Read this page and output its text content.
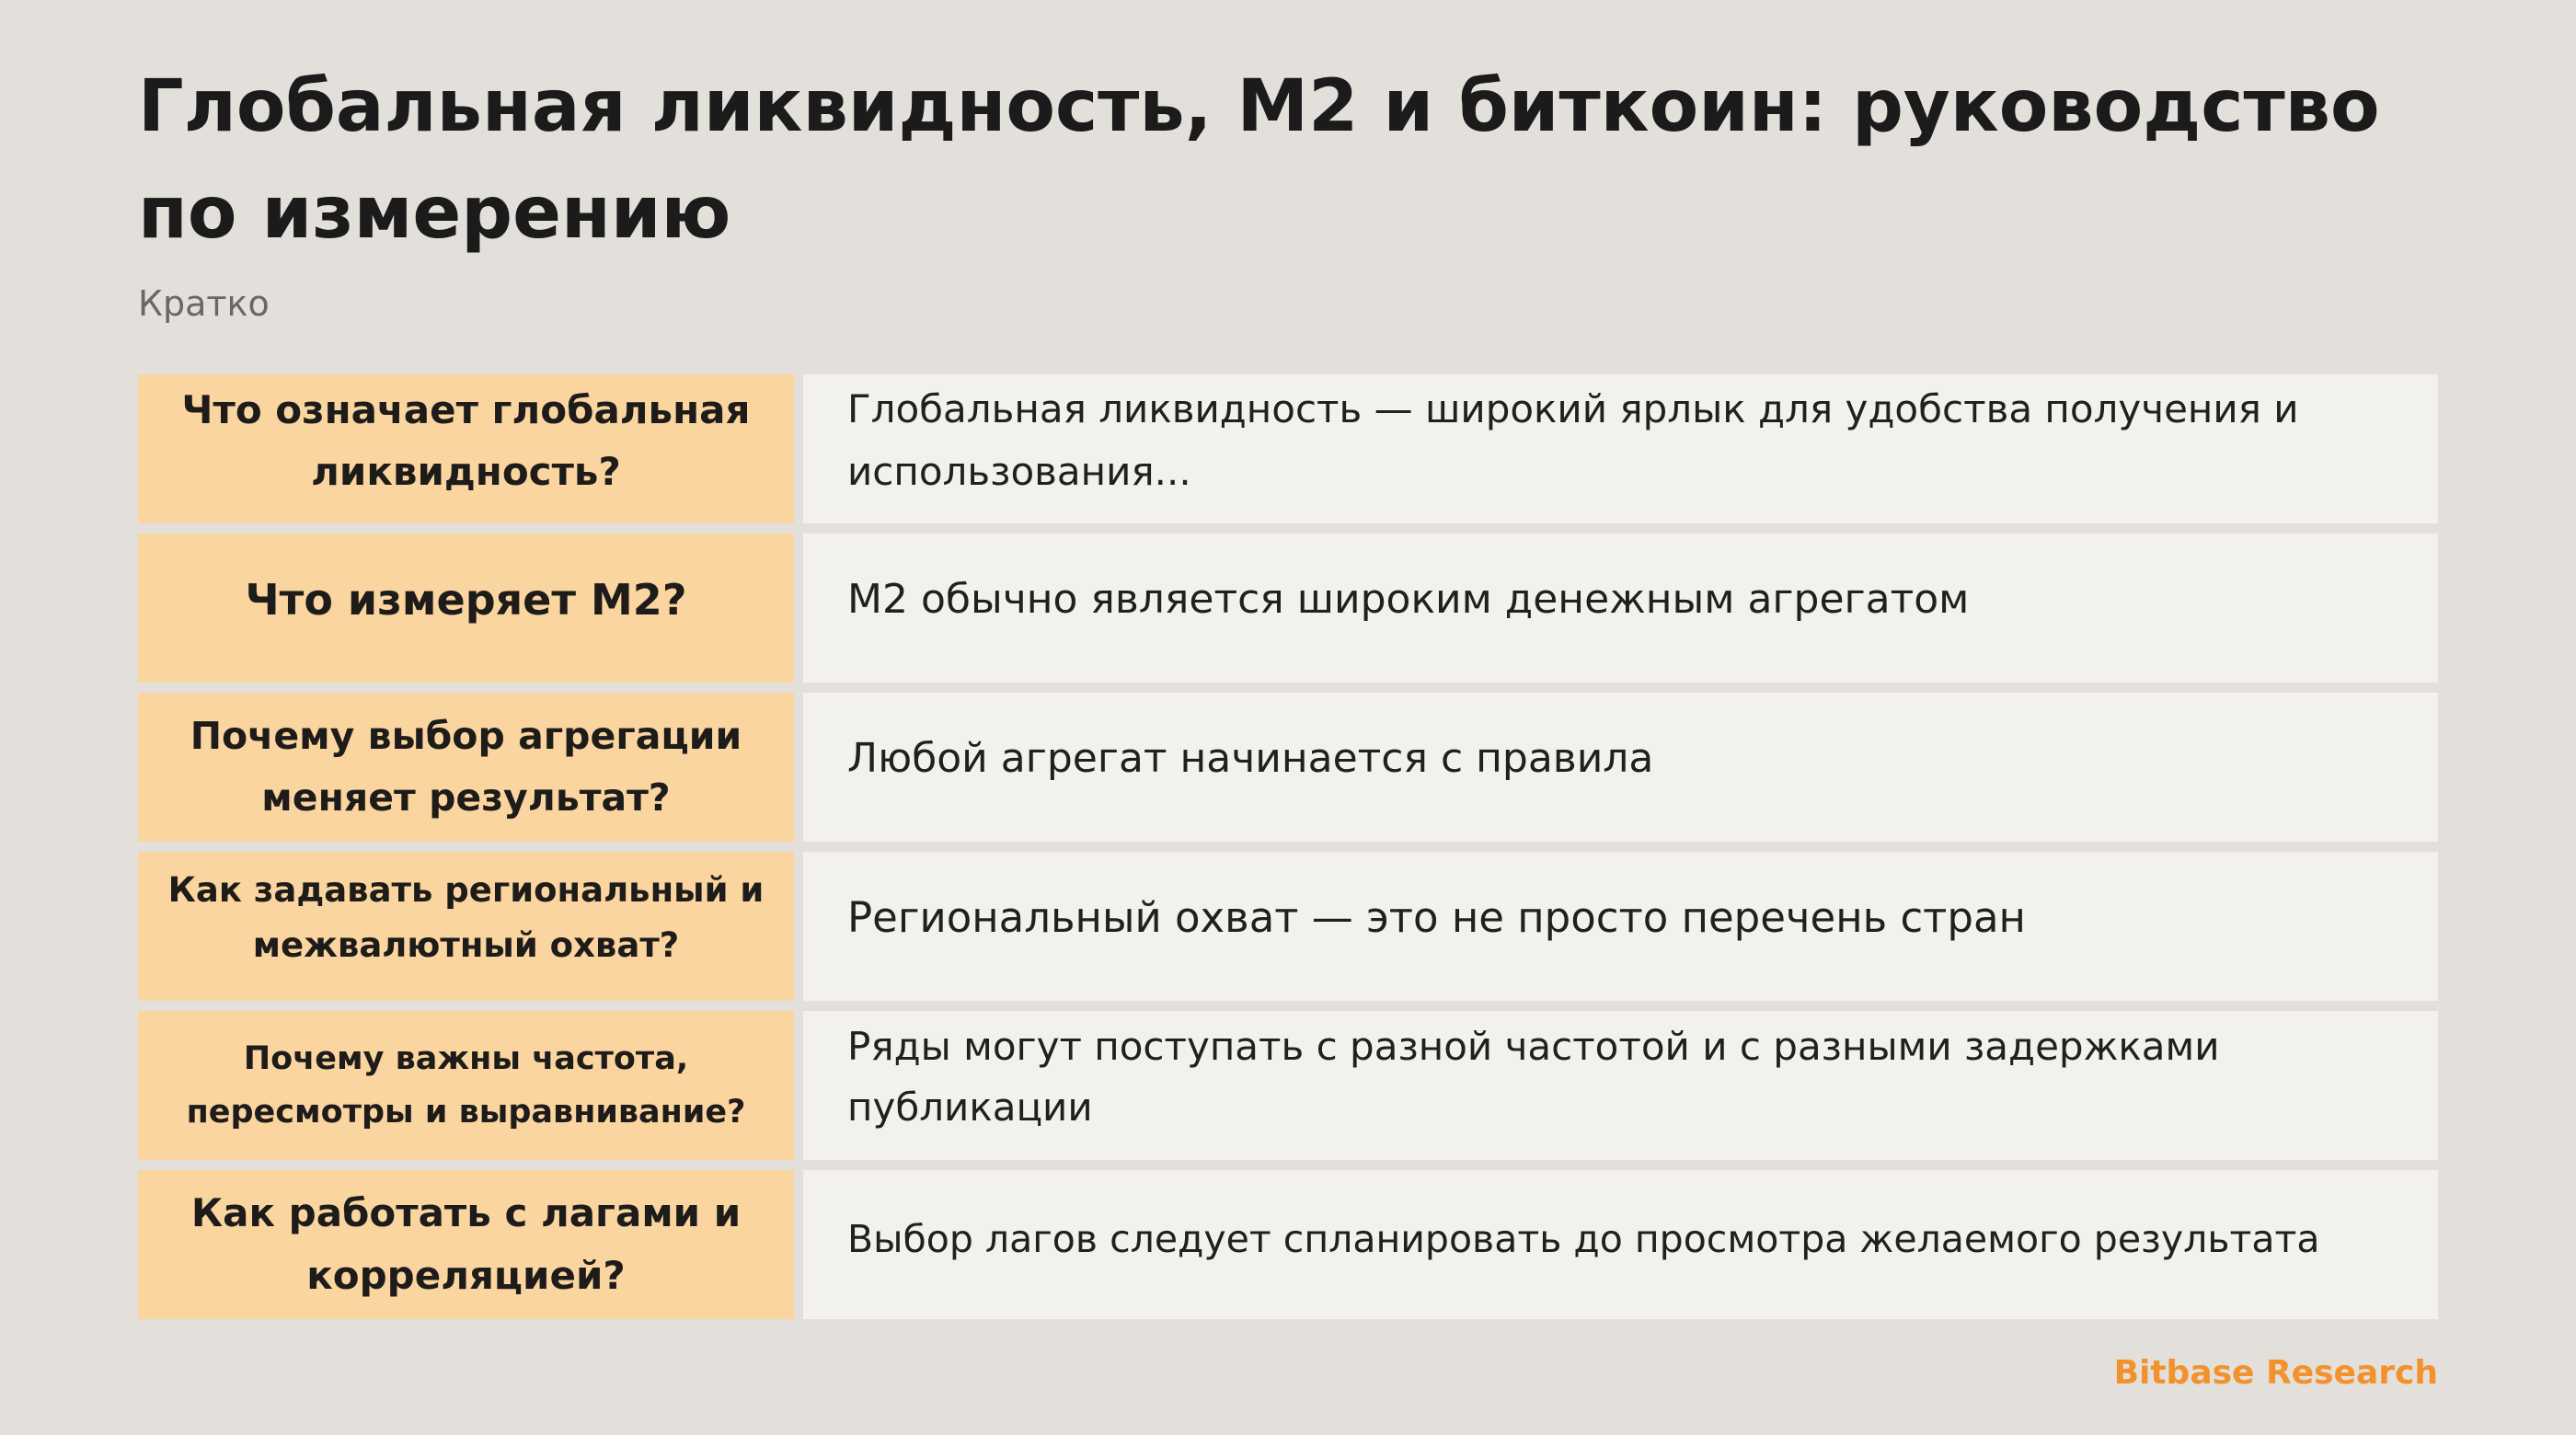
Глобальная ликвидность, M2 и биткоин: руководство по измерению
Кратко
Что означает глобальная ликвидность?
Глобальная ликвидность — широкий ярлык для удобства получения и использования...
Что измеряет M2?	M2 обычно является широким денежным агрегатом
Почему выбор агрегации меняет результат?
Любой агрегат начинается с правила
Как задавать региональный и межвалютный охват?
Региональный охват — это не просто перечень стран
Почему важны частота, пересмотры и выравнивание?
Ряды могут поступать с разной частотой и с разными задержками публикации
Как работать с лагами и корреляцией?
Выбор лагов следует спланировать до просмотра желаемого результата
Bitbase Research
